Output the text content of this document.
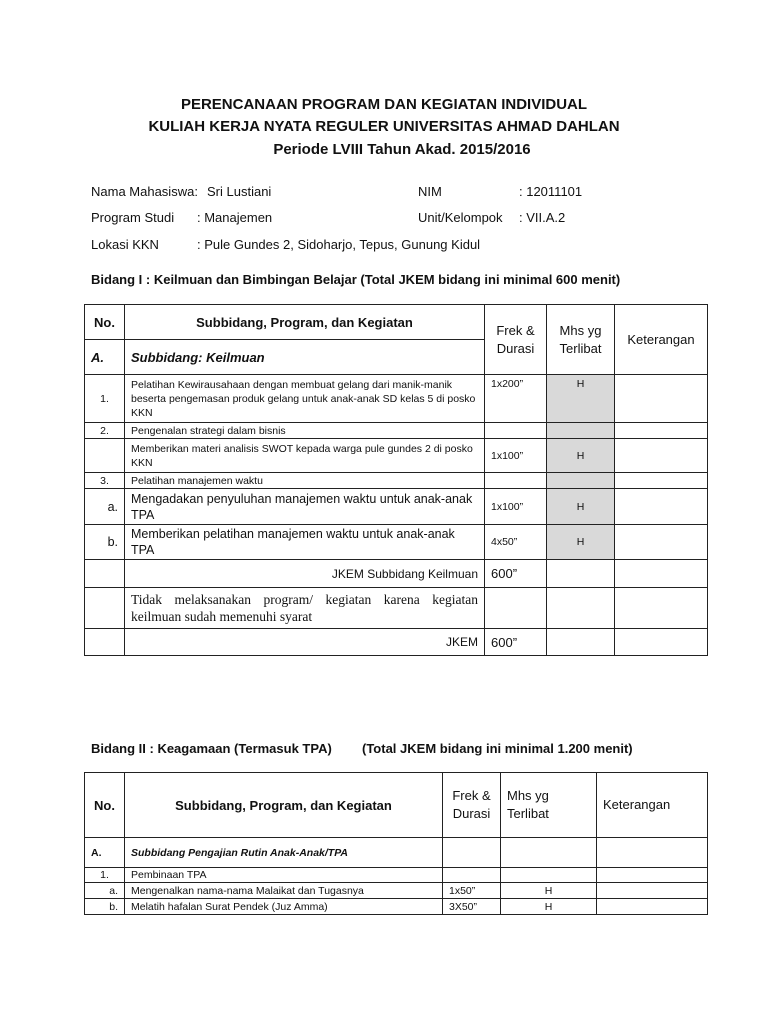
PERENCANAAN PROGRAM DAN KEGIATAN INDIVIDUAL
KULIAH KERJA NYATA REGULER UNIVERSITAS AHMAD DAHLAN
Periode LVIII Tahun Akad. 2015/2016
Nama Mahasiswa: Sri Lustiani	NIM	: 12011101
Program Studi : Manajemen	Unit/Kelompok : VII.A.2
Lokasi KKN	: Pule Gundes 2, Sidoharjo, Tepus, Gunung Kidul
Bidang I : Keilmuan dan Bimbingan Belajar (Total JKEM bidang ini minimal 600 menit)
No.	Subbidang, Program, dan Kegiatan	Frek & Durasi	Mhs yg Terlibat	Keterangan
A.	Subbidang: Keilmuan			
1.	Pelatihan Kewirausahaan dengan membuat gelang dari manik-manik beserta pengemasan produk gelang untuk anak-anak SD kelas 5 di posko KKN	1x200”	H	
2.	Pengenalan strategi dalam bisnis			
	Memberikan materi analisis SWOT kepada warga pule gundes 2 di posko KKN	1x100”	H	
3.	Pelatihan manajemen waktu			
a.	Mengadakan penyuluhan manajemen waktu untuk anak-anak TPA	1x100”	H	
b.	Memberikan pelatihan manajemen waktu untuk anak-anak TPA	4x50”	H	
	JKEM Subbidang Keilmuan	600”		
	Tidak melaksanakan program/ kegiatan karena kegiatan keilmuan sudah memenuhi syarat			
	JKEM	600”		
Bidang II : Keagamaan (Termasuk TPA) (Total JKEM bidang ini minimal 1.200 menit)
No.	Subbidang, Program, dan Kegiatan	Frek & Durasi	Mhs yg Terlibat	Keterangan
A.	Subbidang Pengajian Rutin Anak-Anak/TPA			
1.	Pembinaan TPA			
a.	Mengenalkan nama-nama Malaikat dan Tugasnya	1x50”	H	
b.	Melatih hafalan Surat Pendek (Juz Amma)	3X50”	H	
